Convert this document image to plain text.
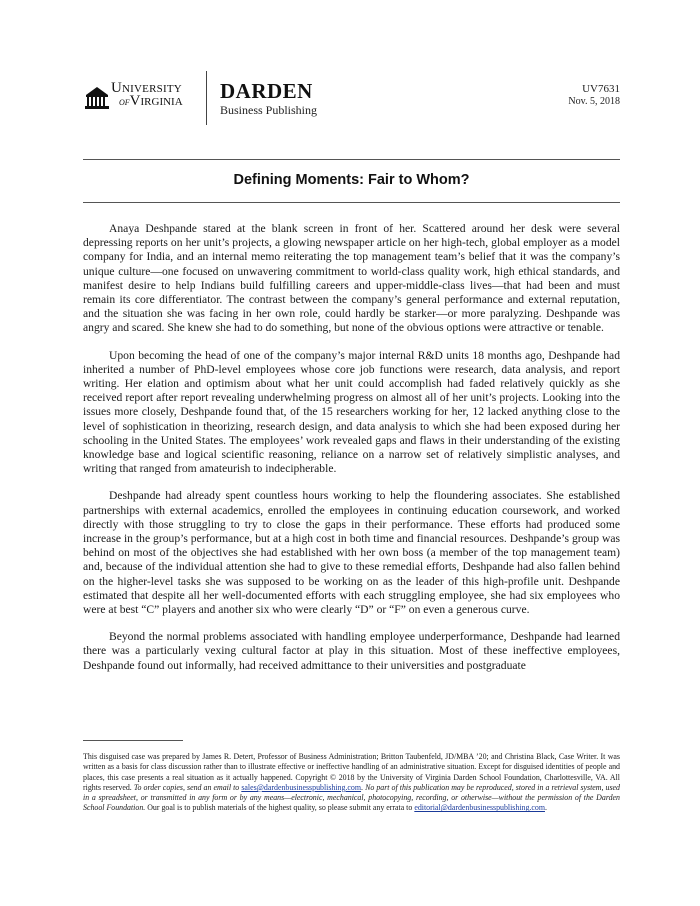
University
ofVirginia DARDEN
Business Publishing
UV7631
Nov. 5, 2018
Defining Moments: Fair to Whom?

Anaya Deshpande stared at the blank screen in front of her. Scattered around her desk were several depressing reports on her unit’s projects, a glowing newspaper article on her high-tech, global employer as a model company for India, and an internal memo reiterating the top management team’s belief that it was the company’s unique culture—one focused on unwavering commitment to world-class quality work, high ethical standards, and manifest desire to help Indians build fulfilling careers and upper-middle-class lives—that had been and must remain its core differentiator. The contrast between the company’s general performance and external reputation, and the situation she was facing in her own role, could hardly be starker—or more paralyzing. Deshpande was angry and scared. She knew she had to do something, but none of the obvious options were attractive or tenable.

Upon becoming the head of one of the company’s major internal R&D units 18 months ago, Deshpande had inherited a number of PhD-level employees whose core job functions were research, data analysis, and report writing. Her elation and optimism about what her unit could accomplish had faded relatively quickly as she received report after report revealing underwhelming progress on almost all of her unit’s projects. Looking into the issues more closely, Deshpande found that, of the 15 researchers working for her, 12 lacked anything close to the level of sophistication in theorizing, research design, and data analysis to which she had been exposed during her schooling in the United States. The employees’ work revealed gaps and flaws in their understanding of the existing knowledge base and logical scientific reasoning, reliance on a narrow set of relatively simplistic analyses, and writing that ranged from amateurish to indecipherable.

Deshpande had already spent countless hours working to help the floundering associates. She established partnerships with external academics, enrolled the employees in continuing education coursework, and worked directly with those struggling to try to close the gaps in their performance. These efforts had produced some increase in the group’s performance, but at a high cost in both time and financial resources. Deshpande’s group was behind on most of the objectives she had established with her own boss (a member of the top management team) and, because of the individual attention she had to give to these remedial efforts, Deshpande had also fallen behind on the higher-level tasks she was supposed to be working on as the leader of this high-profile unit. Deshpande estimated that despite all her well-documented efforts with each struggling employee, she had six employees who were at best “C” players and another six who were clearly “D” or “F” on even a generous curve.

Beyond the normal problems associated with handling employee underperformance, Deshpande had learned there was a particularly vexing cultural factor at play in this situation. Most of these ineffective employees, Deshpande found out informally, had received admittance to their universities and postgraduate

This disguised case was prepared by James R. Detert, Professor of Business Administration; Britton Taubenfeld, JD/MBA ’20; and Christina Black, Case Writer. It was written as a basis for class discussion rather than to illustrate effective or ineffective handling of an administrative situation. Except for disguised identities of people and places, this case presents a real situation as it actually happened. Copyright © 2018 by the University of Virginia Darden School Foundation, Charlottesville, VA. All rights reserved. To order copies, send an email to sales@dardenbusinesspublishing.com. No part of this publication may be reproduced, stored in a retrieval system, used in a spreadsheet, or transmitted in any form or by any means—electronic, mechanical, photocopying, recording, or otherwise—without the permission of the Darden School Foundation. Our goal is to publish materials of the highest quality, so please submit any errata to editorial@dardenbusinesspublishing.com.
